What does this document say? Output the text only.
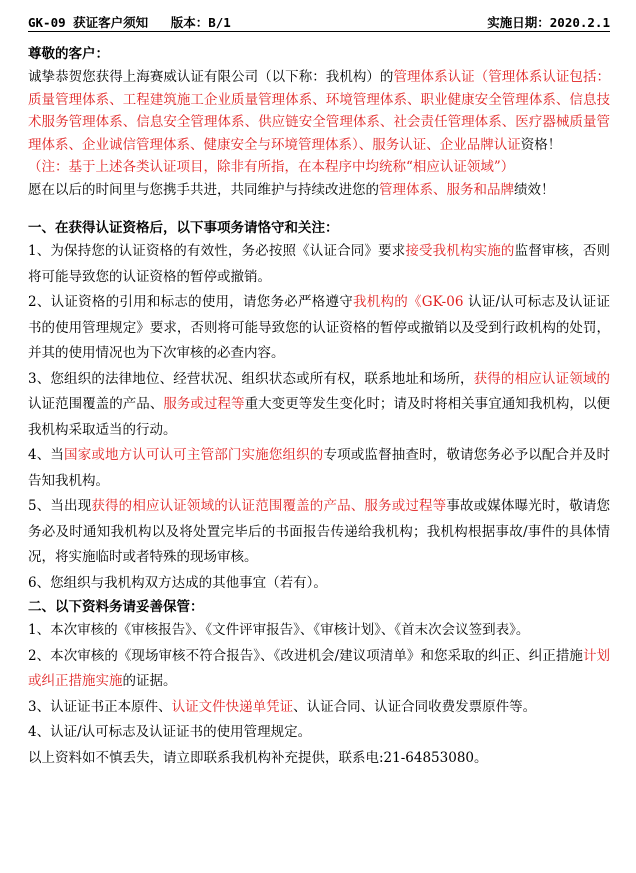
GK-09 获证客户须知   版本：B/1	实施日期：2020.2.1

尊敬的客户：

诚挚恭贺您获得上海赛威认证有限公司（以下称：我机构）的管理体系认证（管理体系认证包括：质量管理体系、工程建筑施工企业质量管理体系、环境管理体系、职业健康安全管理体系、信息技术服务管理体系、信息安全管理体系、供应链安全管理体系、社会责任管理体系、医疗器械质量管理体系、企业诚信管理体系、健康安全与环境管理体系）、服务认证、企业品牌认证资格！

（注：基于上述各类认证项目，除非有所指，在本程序中均统称“相应认证领域”）

愿在以后的时间里与您携手共进，共同维护与持续改进您的管理体系、服务和品牌绩效！

一、在获得认证资格后，以下事项务请恪守和关注：

1、为保持您的认证资格的有效性，务必按照《认证合同》要求接受我机构实施的监督审核，否则将可能导致您的认证资格的暂停或撤销。

2、认证资格的引用和标志的使用，请您务必严格遵守我机构的《GK-06 认证/认可标志及认证证书的使用管理规定》要求，否则将可能导致您的认证资格的暂停或撤销以及受到行政机构的处罚，并其的使用情况也为下次审核的必查内容。

3、您组织的法律地位、经营状况、组织状态或所有权，联系地址和场所，获得的相应认证领域的认证范围覆盖的产品、服务或过程等重大变更等发生变化时；请及时将相关事宜通知我机构，以便我机构采取适当的行动。

4、当国家或地方认可认可主管部门实施您组织的专项或监督抽查时，敬请您务必予以配合并及时告知我机构。

5、当出现获得的相应认证领域的认证范围覆盖的产品、服务或过程等事故或媒体曝光时，敬请您务必及时通知我机构以及将处置完毕后的书面报告传递给我机构；我机构根据事故/事件的具体情况，将实施临时或者特殊的现场审核。

6、您组织与我机构双方达成的其他事宜（若有）。

二、以下资料务请妥善保管：

1、本次审核的《审核报告》、《文件评审报告》、《审核计划》、《首末次会议签到表》。

2、本次审核的《现场审核不符合报告》、《改进机会/建议项清单》和您采取的纠正、纠正措施计划或纠正措施实施的证据。

3、认证证书正本原件、认证文件快递单凭证、认证合同、认证合同收费发票原件等。

4、认证/认可标志及认证证书的使用管理规定。

以上资料如不慎丢失，请立即联系我机构补充提供，联系电:21-64853080。
